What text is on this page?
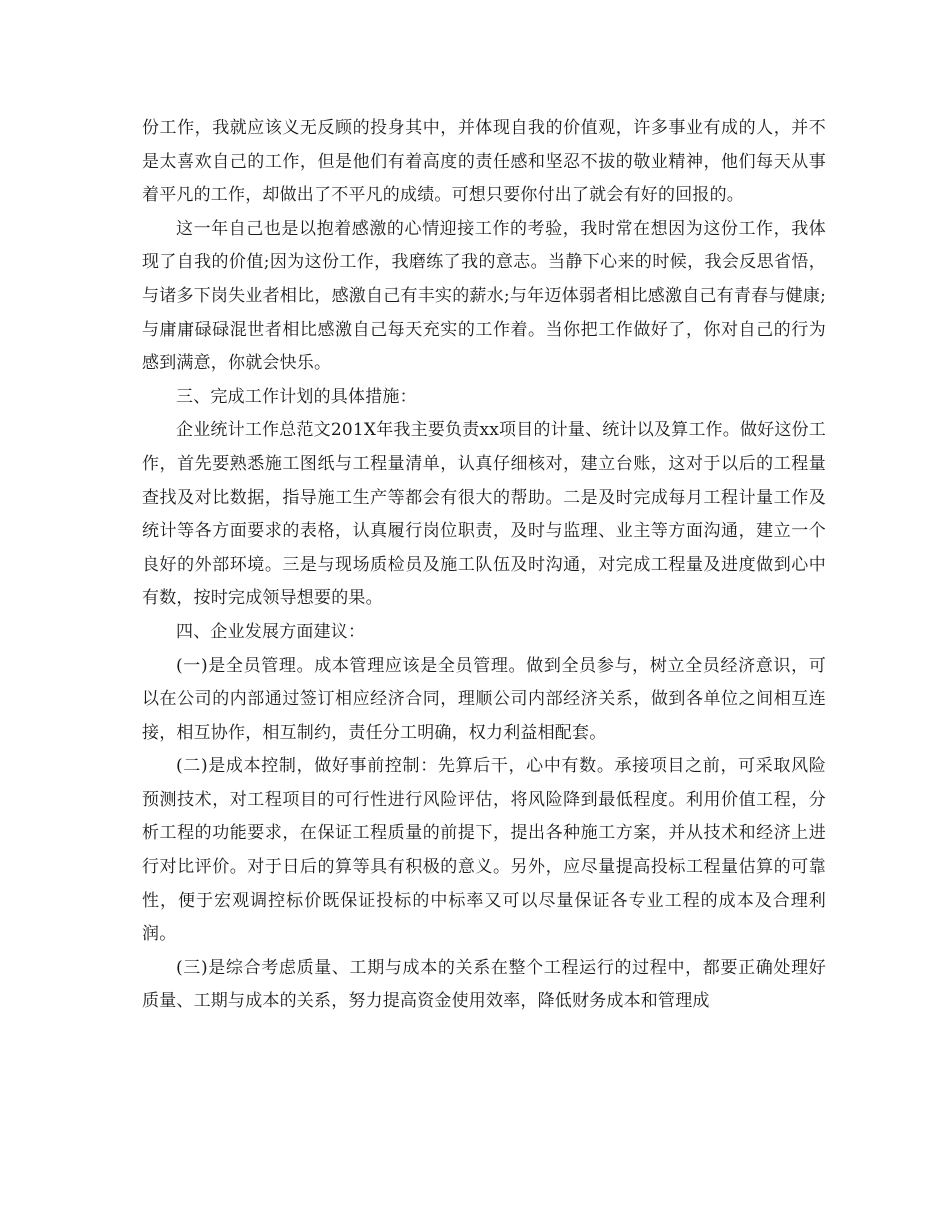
份工作，我就应该义无反顾的投身其中，并体现自我的价值观，许多事业有成的人，并不是太喜欢自己的工作，但是他们有着高度的责任感和坚忍不拔的敬业精神，他们每天从事着平凡的工作，却做出了不平凡的成绩。可想只要你付出了就会有好的回报的。

这一年自己也是以抱着感激的心情迎接工作的考验，我时常在想因为这份工作，我体现了自我的价值;因为这份工作，我磨练了我的意志。当静下心来的时候，我会反思省悟，与诸多下岗失业者相比，感激自己有丰实的薪水;与年迈体弱者相比感激自己有青春与健康;与庸庸碌碌混世者相比感激自己每天充实的工作着。当你把工作做好了，你对自己的行为感到满意，你就会快乐。

三、完成工作计划的具体措施：

企业统计工作总范文201X年我主要负责xx项目的计量、统计以及算工作。做好这份工作，首先要熟悉施工图纸与工程量清单，认真仔细核对，建立台账，这对于以后的工程量查找及对比数据，指导施工生产等都会有很大的帮助。二是及时完成每月工程计量工作及统计等各方面要求的表格，认真履行岗位职责，及时与监理、业主等方面沟通，建立一个良好的外部环境。三是与现场质检员及施工队伍及时沟通，对完成工程量及进度做到心中有数，按时完成领导想要的果。

四、企业发展方面建议：

(一)是全员管理。成本管理应该是全员管理。做到全员参与，树立全员经济意识，可以在公司的内部通过签订相应经济合同，理顺公司内部经济关系，做到各单位之间相互连接，相互协作，相互制约，责任分工明确，权力利益相配套。

(二)是成本控制，做好事前控制：先算后干，心中有数。承接项目之前，可采取风险预测技术，对工程项目的可行性进行风险评估，将风险降到最低程度。利用价值工程，分析工程的功能要求，在保证工程质量的前提下，提出各种施工方案，并从技术和经济上进行对比评价。对于日后的算等具有积极的意义。另外，应尽量提高投标工程量估算的可靠性，便于宏观调控标价既保证投标的中标率又可以尽量保证各专业工程的成本及合理利润。

(三)是综合考虑质量、工期与成本的关系在整个工程运行的过程中，都要正确处理好质量、工期与成本的关系，努力提高资金使用效率，降低财务成本和管理成
